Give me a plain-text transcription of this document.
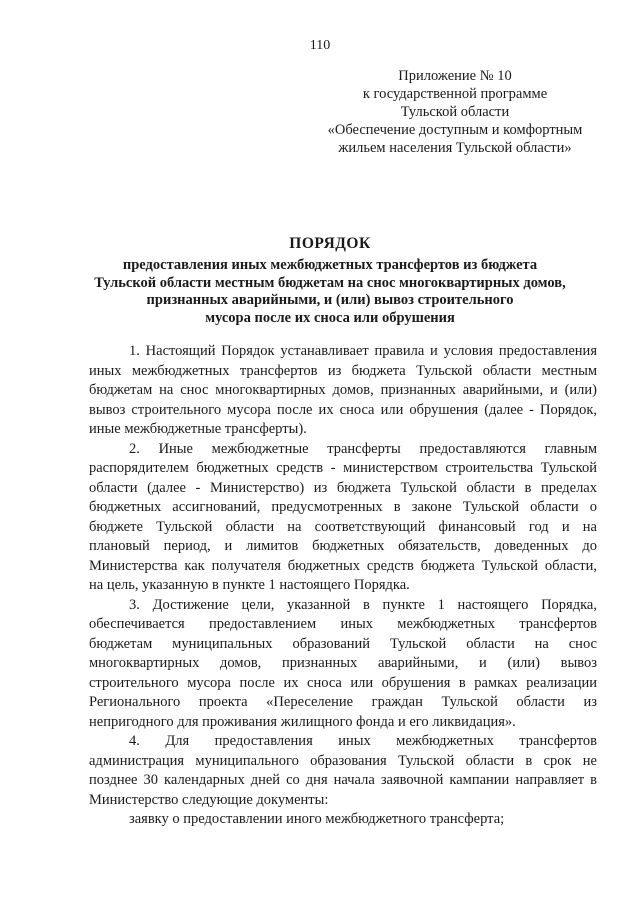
110
Приложение № 10
к государственной программе
Тульской области
«Обеспечение доступным и комфортным
жильем населения Тульской области»
ПОРЯДОК
предоставления иных межбюджетных трансфертов из бюджета
Тульской области местным бюджетам на снос многоквартирных домов,
признанных аварийными, и (или) вывоз строительного
мусора после их сноса или обрушения
1. Настоящий Порядок устанавливает правила и условия предоставления
иных межбюджетных трансфертов из бюджета Тульской области местным
бюджетам на снос многоквартирных домов, признанных аварийными, и (или)
вывоз строительного мусора после их сноса или обрушения (далее - Порядок,
иные межбюджетные трансферты).
2. Иные межбюджетные трансферты предоставляются главным
распорядителем бюджетных средств - министерством строительства Тульской
области (далее - Министерство) из бюджета Тульской области в пределах
бюджетных ассигнований, предусмотренных в законе Тульской области о
бюджете Тульской области на соответствующий финансовый год и на
плановый период, и лимитов бюджетных обязательств, доведенных до
Министерства как получателя бюджетных средств бюджета Тульской области,
на цель, указанную в пункте 1 настоящего Порядка.
3. Достижение цели, указанной в пункте 1 настоящего Порядка,
обеспечивается предоставлением иных межбюджетных трансфертов
бюджетам муниципальных образований Тульской области на снос
многоквартирных домов, признанных аварийными, и (или) вывоз
строительного мусора после их сноса или обрушения в рамках реализации
Регионального проекта «Переселение граждан Тульской области из
непригодного для проживания жилищного фонда и его ликвидация».
4. Для предоставления иных межбюджетных трансфертов
администрация муниципального образования Тульской области в срок не
позднее 30 календарных дней со дня начала заявочной кампании направляет в
Министерство следующие документы:
заявку о предоставлении иного межбюджетного трансферта;
